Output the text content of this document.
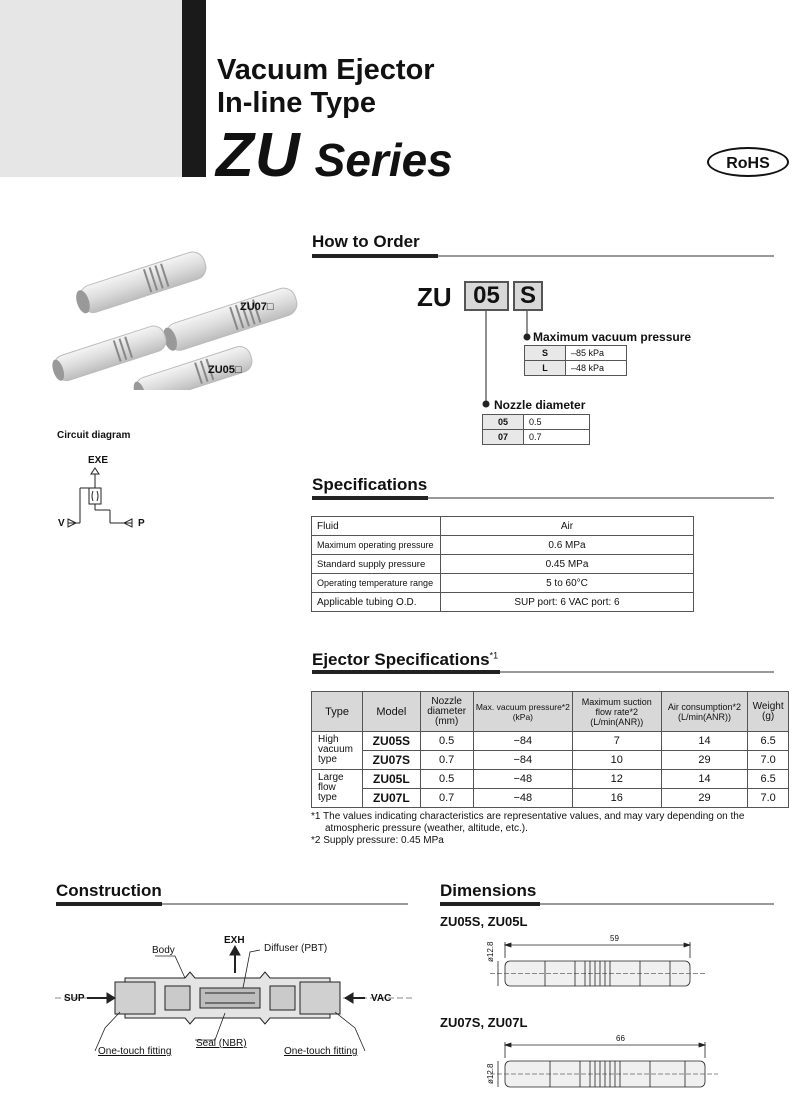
Vacuum Ejector
In-line Type
ZU Series	RoHS
ZU07□
ZU05□
Circuit diagram
EXE
V	P
How to Order
ZU 05 S
Maximum vacuum pressure
S	–85 kPa
L	–48 kPa
Nozzle diameter
05	0.5
07	0.7
Specifications
Fluid	Air
Maximum operating pressure	0.6 MPa
Standard supply pressure	0.45 MPa
Operating temperature range	5 to 60°C
Applicable tubing O.D.	SUP port: 6 VAC port: 6
Ejector Specifications$^{*1}$
Type	Model	Nozzle diameter (mm)	Max. vacuum pressure*2 (kPa)	Maximum suction flow rate*2 (L/min(ANR))	Air consumption*2 (L/min(ANR))	Weight (g)
High vacuum type	ZU05S	0.5	−84	7	14	6.5
	ZU07S	0.7	−84	10	29	7.0
Large flow type	ZU05L	0.5	−48	12	14	6.5
	ZU07L	0.7	−48	16	29	7.0
*1 The values indicating characteristics are representative values, and may vary depending on the
atmospheric pressure (weather, altitude, etc.).
*2 Supply pressure: 0.45 MPa
Construction
Body
EXH
Diffuser (PBT)
SUP	VAC
One-touch fitting
Seal (NBR)
One-touch fitting
Dimensions
ZU05S, ZU05L
59
ø12.8
ZU07S, ZU07L
66
ø12.8
